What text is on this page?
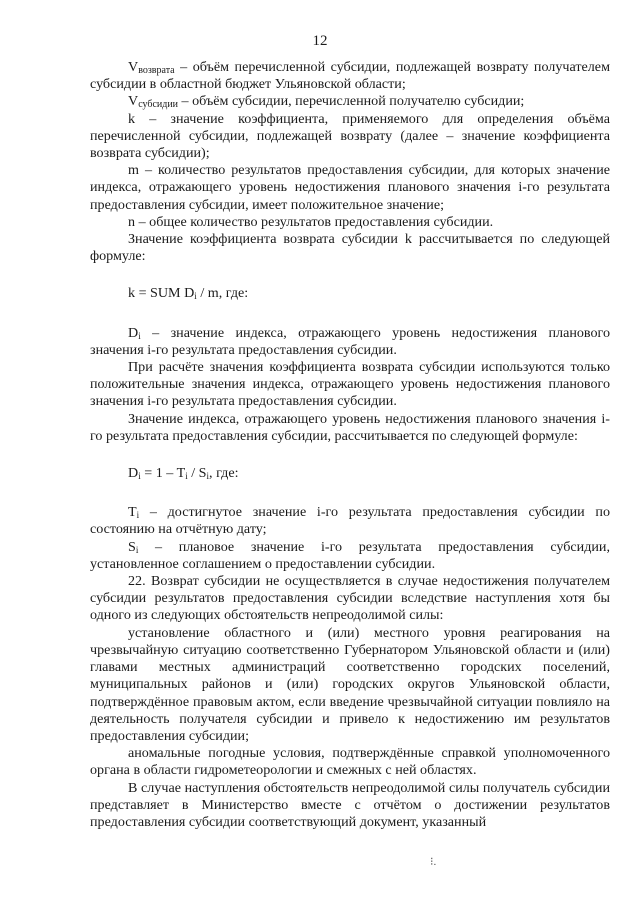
12

$V_{возврата}$ – объём перечисленной субсидии, подлежащей возврату получателем субсидии в областной бюджет Ульяновской области;

$V_{субсидии}$ – объём субсидии, перечисленной получателю субсидии;

k – значение коэффициента, применяемого для определения объёма перечисленной субсидии, подлежащей возврату (далее – значение коэффициента возврата субсидии);

m – количество результатов предоставления субсидии, для которых значение индекса, отражающего уровень недостижения планового значения i-го результата предоставления субсидии, имеет положительное значение;

n – общее количество результатов предоставления субсидии.

Значение коэффициента возврата субсидии k рассчитывается по следующей формуле:

k = SUM $D_i$ / m, где:

$D_i$ – значение индекса, отражающего уровень недостижения планового значения i-го результата предоставления субсидии.

При расчёте значения коэффициента возврата субсидии используются только положительные значения индекса, отражающего уровень недостижения планового значения i-го результата предоставления субсидии.

Значение индекса, отражающего уровень недостижения планового значения i-го результата предоставления субсидии, рассчитывается по следующей формуле:

$D_i = 1 - T_i / S_i$, где:

$T_i$ – достигнутое значение i-го результата предоставления субсидии по состоянию на отчётную дату;

$S_i$ – плановое значение i-го результата предоставления субсидии, установленное соглашением о предоставлении субсидии.

22. Возврат субсидии не осуществляется в случае недостижения получателем субсидии результатов предоставления субсидии вследствие наступления хотя бы одного из следующих обстоятельств непреодолимой силы:

установление областного и (или) местного уровня реагирования на чрезвычайную ситуацию соответственно Губернатором Ульяновской области и (или) главами местных администраций соответственно городских поселений, муниципальных районов и (или) городских округов Ульяновской области, подтверждённое правовым актом, если введение чрезвычайной ситуации повлияло на деятельность получателя субсидии и привело к недостижению им результатов предоставления субсидии;

аномальные погодные условия, подтверждённые справкой уполномоченного органа в области гидрометеорологии и смежных с ней областях.

В случае наступления обстоятельств непреодолимой силы получатель субсидии представляет в Министерство вместе с отчётом о достижении результатов предоставления субсидии соответствующий документ, указанный

⁝.
